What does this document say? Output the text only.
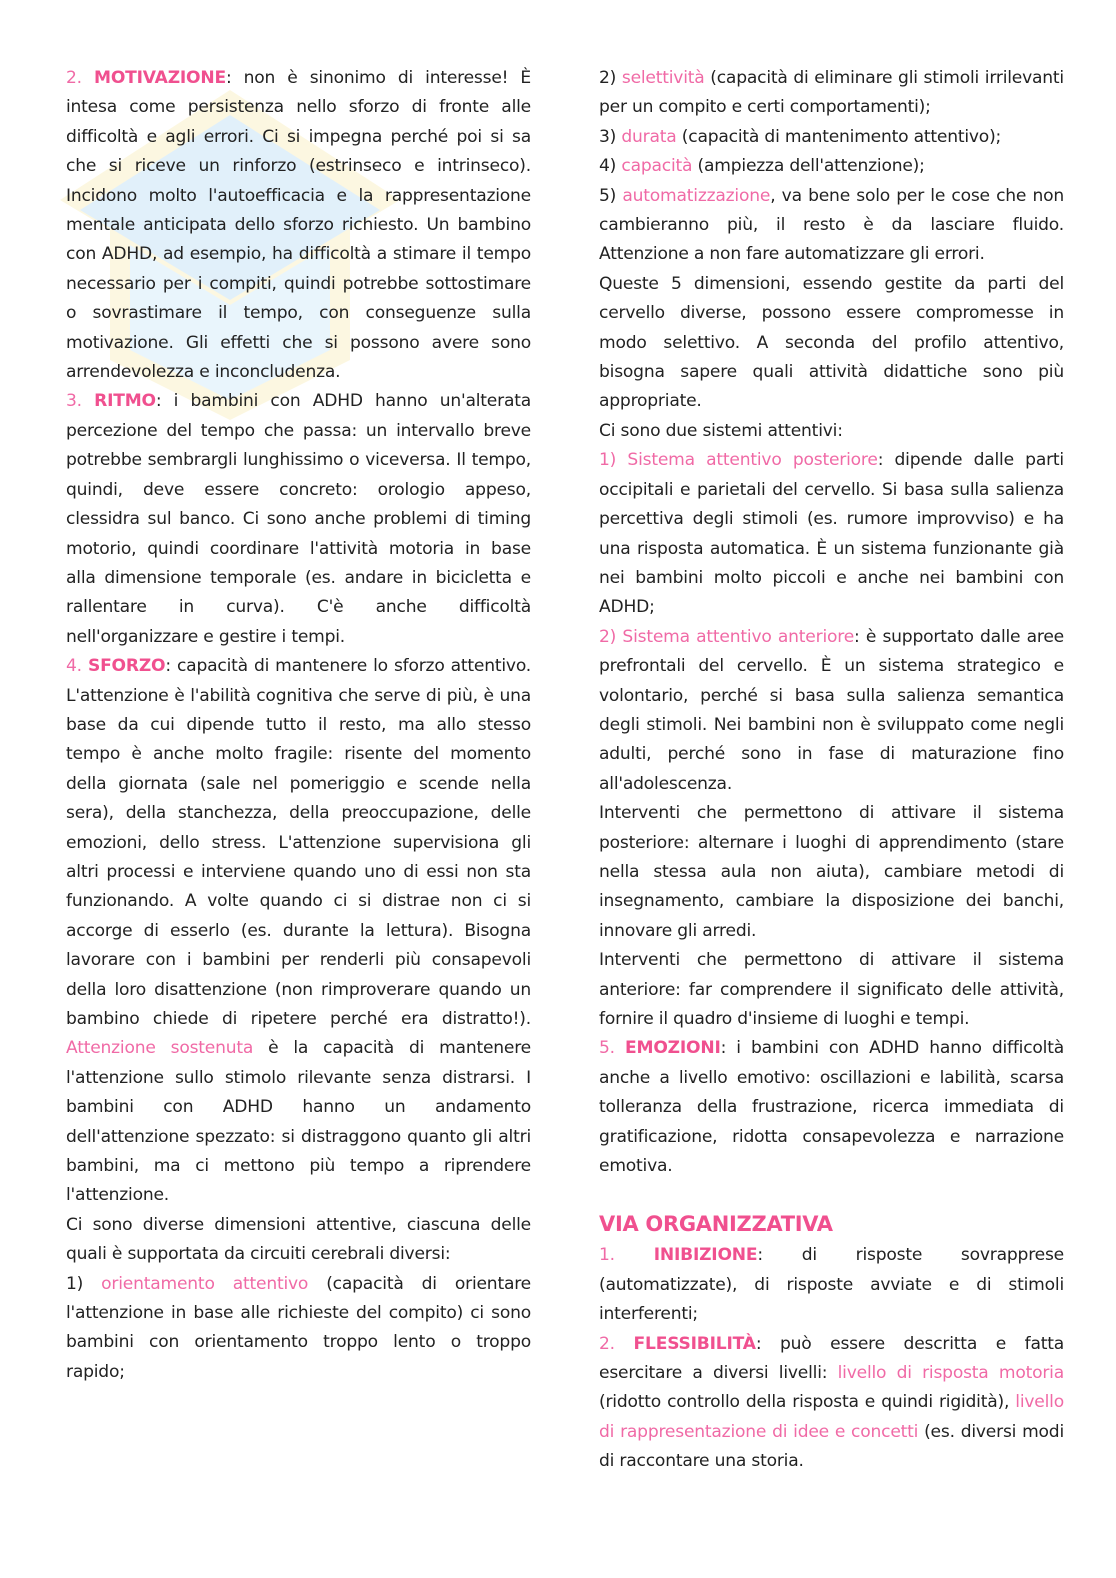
2. MOTIVAZIONE: non è sinonimo di interesse! È intesa come persistenza nello sforzo di fronte alle difficoltà e agli errori. Ci si impegna perché poi si sa che si riceve un rinforzo (estrinseco e intrinseco). Incidono molto l'autoefficacia e la rappresentazione mentale anticipata dello sforzo richiesto. Un bambino con ADHD, ad esempio, ha difficoltà a stimare il tempo necessario per i compiti, quindi potrebbe sottostimare o sovrastimare il tempo, con conseguenze sulla motivazione. Gli effetti che si possono avere sono arrendevolezza e inconcludenza.

3. RITMO: i bambini con ADHD hanno un'alterata percezione del tempo che passa: un intervallo breve potrebbe sembrargli lunghissimo o viceversa. Il tempo, quindi, deve essere concreto: orologio appeso, clessidra sul banco. Ci sono anche problemi di timing motorio, quindi coordinare l'attività motoria in base alla dimensione temporale (es. andare in bicicletta e rallentare in curva). C'è anche difficoltà nell'organizzare e gestire i tempi.

4. SFORZO: capacità di mantenere lo sforzo attentivo. L'attenzione è l'abilità cognitiva che serve di più, è una base da cui dipende tutto il resto, ma allo stesso tempo è anche molto fragile: risente del momento della giornata (sale nel pomeriggio e scende nella sera), della stanchezza, della preoccupazione, delle emozioni, dello stress. L'attenzione supervisiona gli altri processi e interviene quando uno di essi non sta funzionando. A volte quando ci si distrae non ci si accorge di esserlo (es. durante la lettura). Bisogna lavorare con i bambini per renderli più consapevoli della loro disattenzione (non rimproverare quando un bambino chiede di ripetere perché era distratto!). Attenzione sostenuta è la capacità di mantenere l'attenzione sullo stimolo rilevante senza distrarsi. I bambini con ADHD hanno un andamento dell'attenzione spezzato: si distraggono quanto gli altri bambini, ma ci mettono più tempo a riprendere l'attenzione.

Ci sono diverse dimensioni attentive, ciascuna delle quali è supportata da circuiti cerebrali diversi:

1) orientamento attentivo (capacità di orientare l'attenzione in base alle richieste del compito) ci sono bambini con orientamento troppo lento o troppo rapido;

2) selettività (capacità di eliminare gli stimoli irrilevanti per un compito e certi comportamenti);

3) durata (capacità di mantenimento attentivo);

4) capacità (ampiezza dell'attenzione);

5) automatizzazione, va bene solo per le cose che non cambieranno più, il resto è da lasciare fluido. Attenzione a non fare automatizzare gli errori.

Queste 5 dimensioni, essendo gestite da parti del cervello diverse, possono essere compromesse in modo selettivo. A seconda del profilo attentivo, bisogna sapere quali attività didattiche sono più appropriate.

Ci sono due sistemi attentivi:

1) Sistema attentivo posteriore: dipende dalle parti occipitali e parietali del cervello. Si basa sulla salienza percettiva degli stimoli (es. rumore improvviso) e ha una risposta automatica. È un sistema funzionante già nei bambini molto piccoli e anche nei bambini con ADHD;

2) Sistema attentivo anteriore: è supportato dalle aree prefrontali del cervello. È un sistema strategico e volontario, perché si basa sulla salienza semantica degli stimoli. Nei bambini non è sviluppato come negli adulti, perché sono in fase di maturazione fino all'adolescenza.

Interventi che permettono di attivare il sistema posteriore: alternare i luoghi di apprendimento (stare nella stessa aula non aiuta), cambiare metodi di insegnamento, cambiare la disposizione dei banchi, innovare gli arredi.

Interventi che permettono di attivare il sistema anteriore: far comprendere il significato delle attività, fornire il quadro d'insieme di luoghi e tempi.

5. EMOZIONI: i bambini con ADHD hanno difficoltà anche a livello emotivo: oscillazioni e labilità, scarsa tolleranza della frustrazione, ricerca immediata di gratificazione, ridotta consapevolezza e narrazione emotiva.

VIA ORGANIZZATIVA

1. INIBIZIONE: di risposte sovrapprese (automatizzate), di risposte avviate e di stimoli interferenti;

2. FLESSIBILITÀ: può essere descritta e fatta esercitare a diversi livelli: livello di risposta motoria (ridotto controllo della risposta e quindi rigidità), livello di rappresentazione di idee e concetti (es. diversi modi di raccontare una storia.
